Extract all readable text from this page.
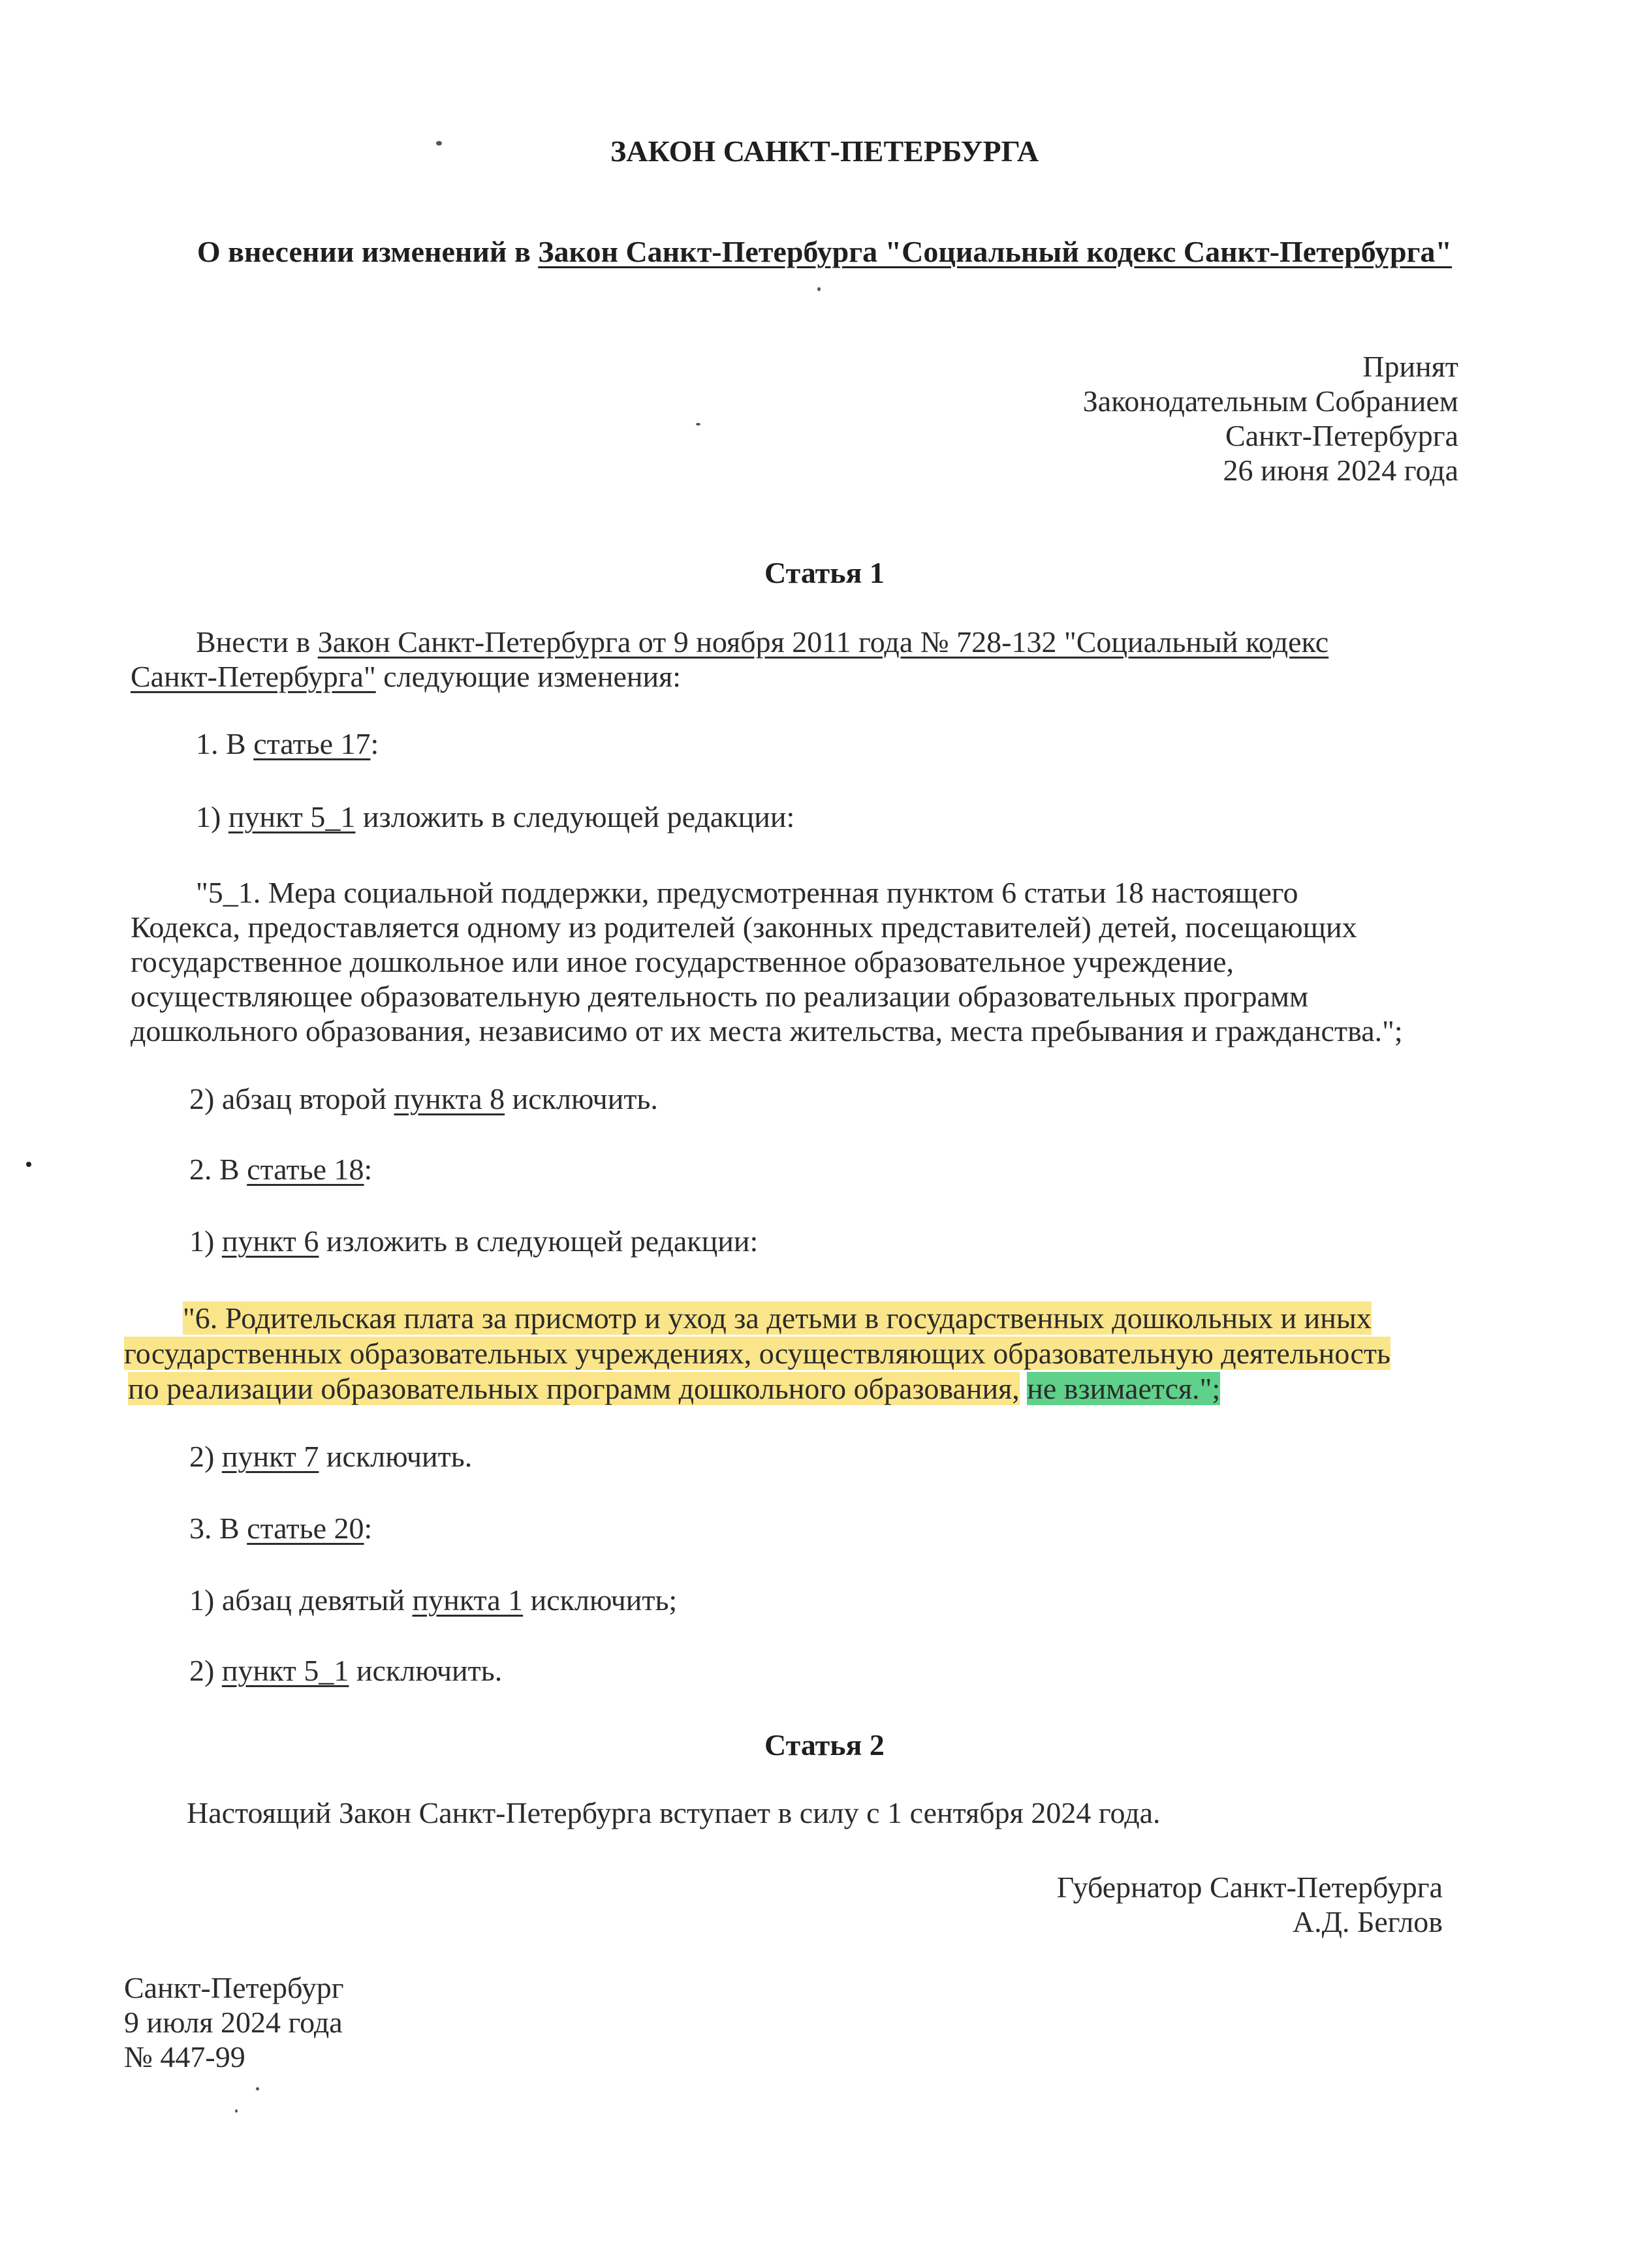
ЗАКОН САНКТ-ПЕТЕРБУРГА
О внесении изменений в Закон Санкт-Петербурга "Социальный кодекс Санкт-Петербурга"
Принят
Законодательным Собранием
Санкт-Петербурга
26 июня 2024 года
Статья 1
Внести в Закон Санкт-Петербурга от 9 ноября 2011 года № 728-132 "Социальный кодекс
Санкт-Петербурга" следующие изменения:
1. В статье 17:
1) пункт 5_1 изложить в следующей редакции:
"5_1. Мера социальной поддержки, предусмотренная пунктом 6 статьи 18 настоящего
Кодекса, предоставляется одному из родителей (законных представителей) детей, посещающих
государственное дошкольное или иное государственное образовательное учреждение,
осуществляющее образовательную деятельность по реализации образовательных программ
дошкольного образования, независимо от их места жительства, места пребывания и гражданства.";
2) абзац второй пункта 8 исключить.
2. В статье 18:
1) пункт 6 изложить в следующей редакции:
"6. Родительская плата за присмотр и уход за детьми в государственных дошкольных и иных
государственных образовательных учреждениях, осуществляющих образовательную деятельность
по реализации образовательных программ дошкольного образования, не взимается.";
2) пункт 7 исключить.
3. В статье 20:
1) абзац девятый пункта 1 исключить;
2) пункт 5_1 исключить.
Статья 2
Настоящий Закон Санкт-Петербурга вступает в силу с 1 сентября 2024 года.
Губернатор Санкт-Петербурга
А.Д. Беглов
Санкт-Петербург
9 июля 2024 года
№ 447-99
